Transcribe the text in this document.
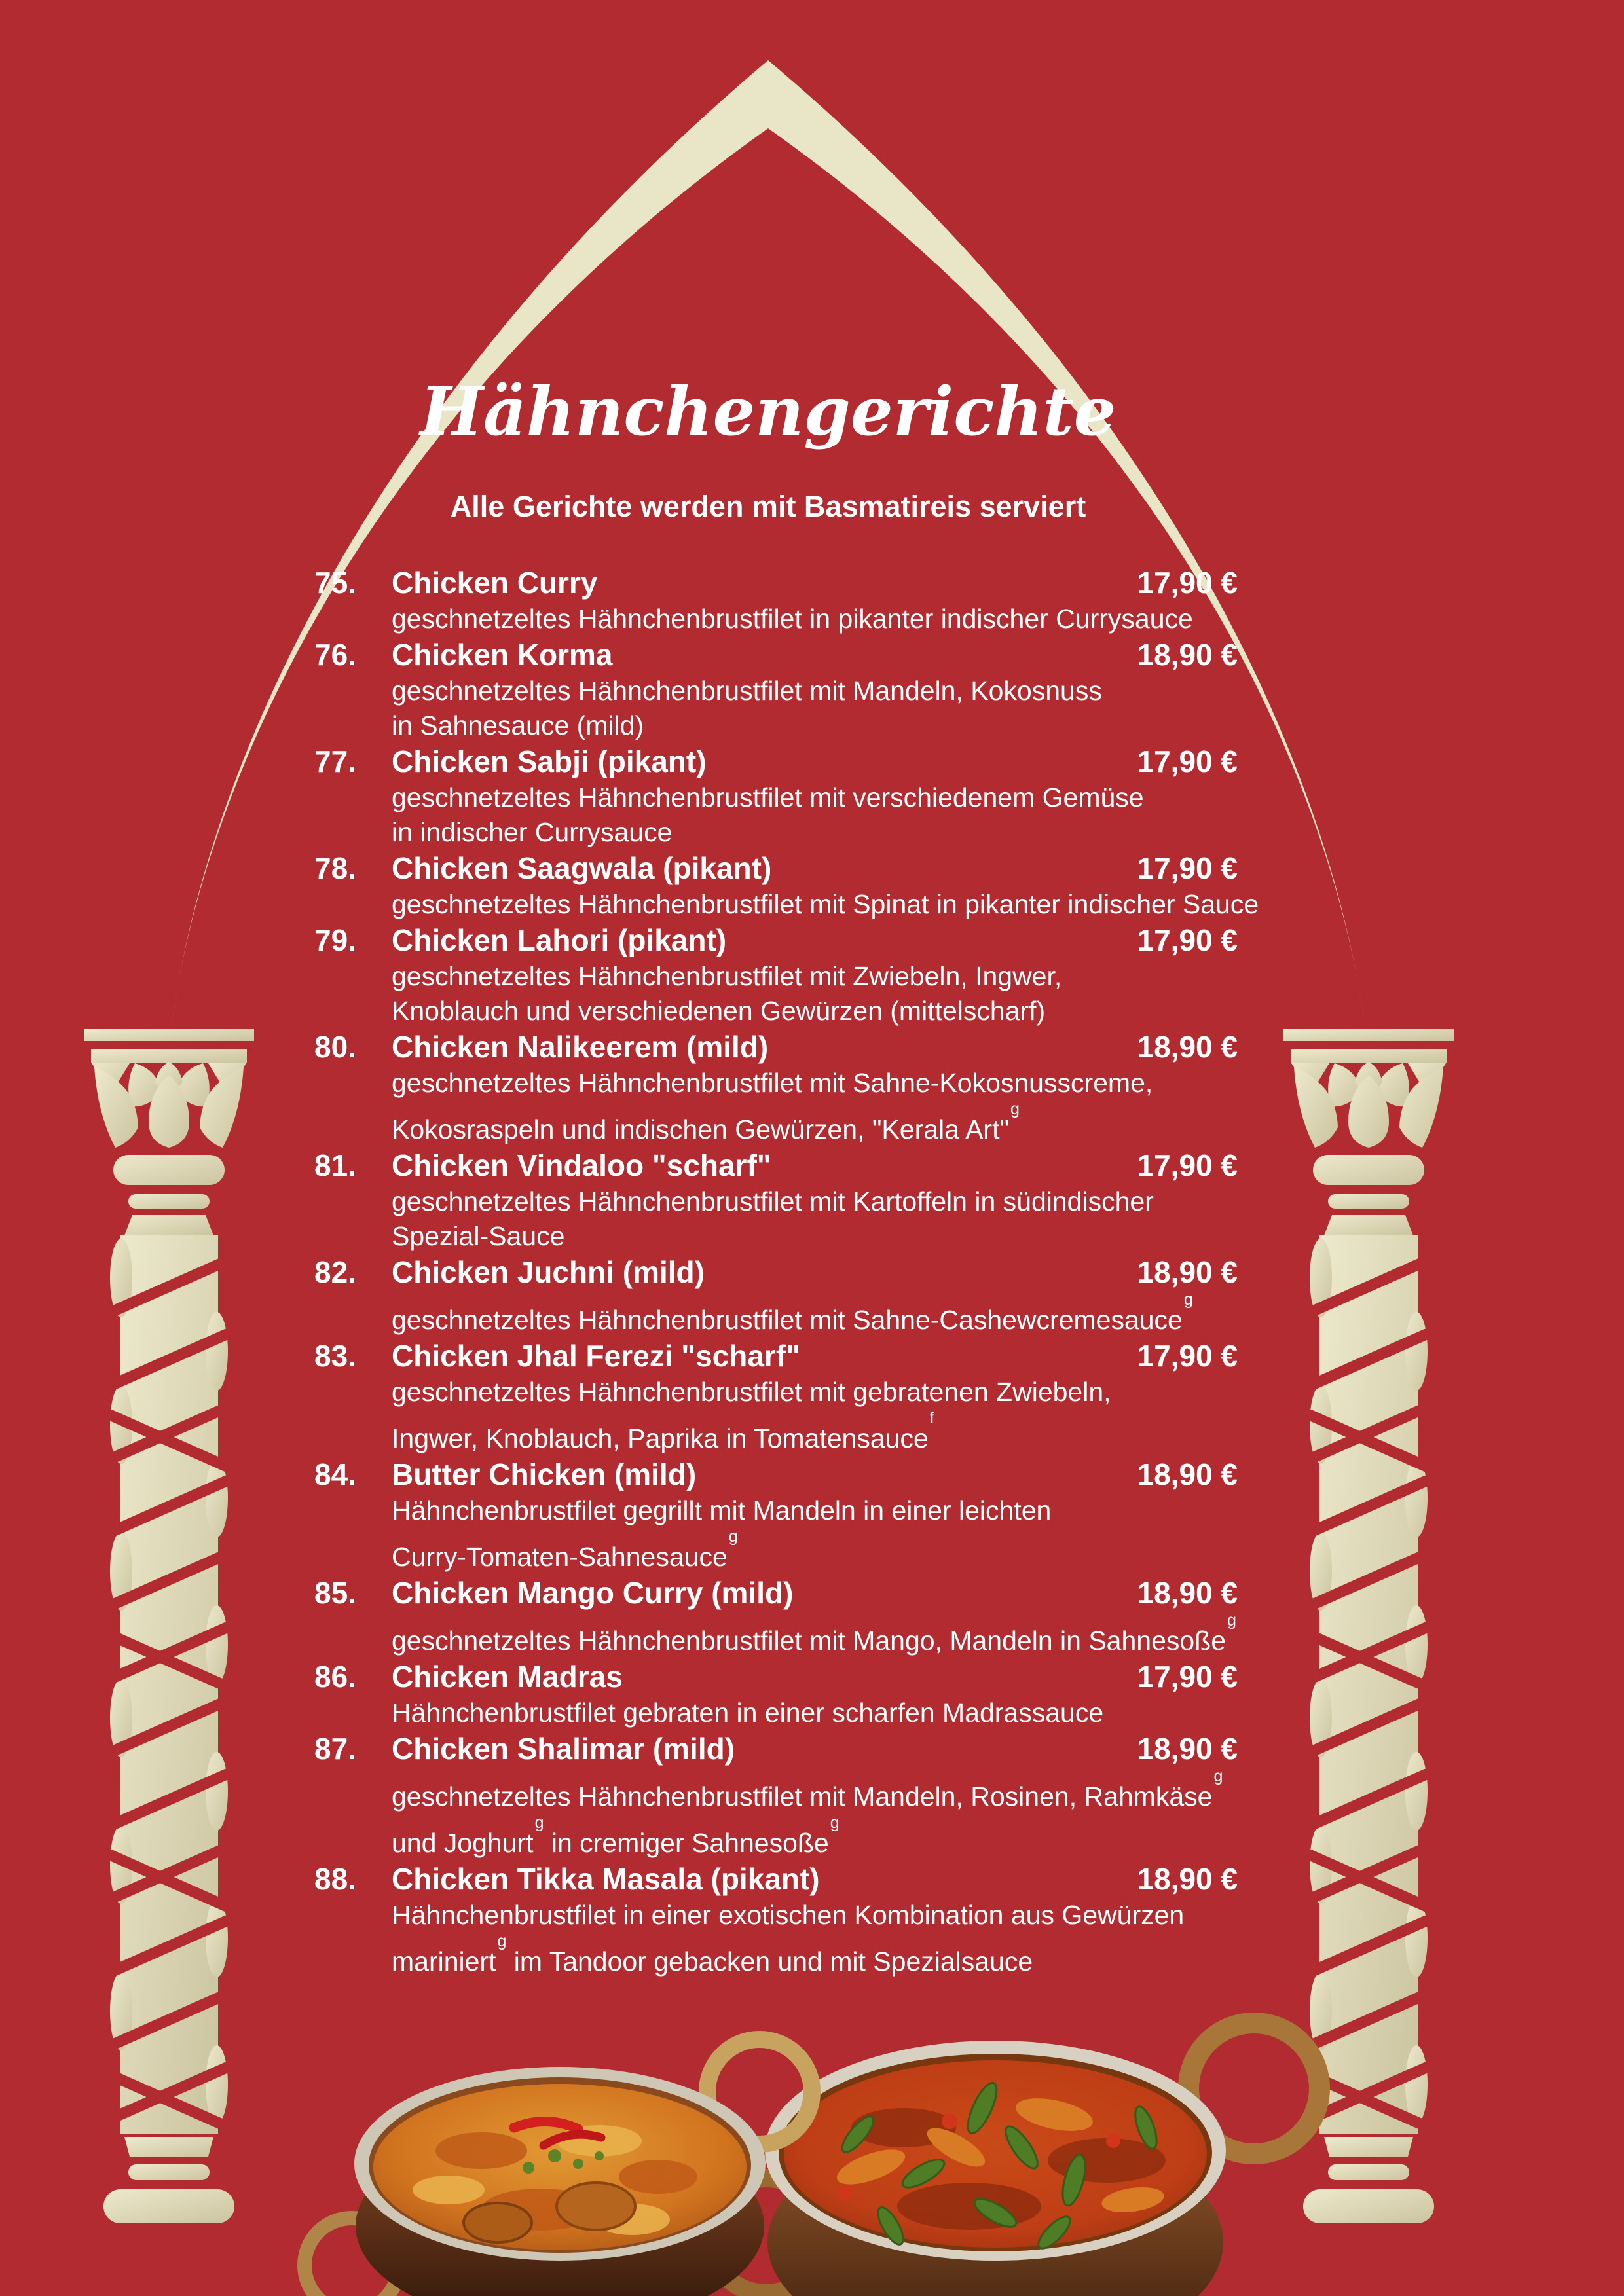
Hähnchengerichte
Alle Gerichte werden mit Basmatireis serviert
75.	Chicken Curry	17,90 €
geschnetzeltes Hähnchenbrustfilet in pikanter indischer Currysauce
76.	Chicken Korma	18,90 €
geschnetzeltes Hähnchenbrustfilet mit Mandeln, Kokosnuss
in Sahnesauce (mild)
77.	Chicken Sabji (pikant)	17,90 €
geschnetzeltes Hähnchenbrustfilet mit verschiedenem Gemüse
in indischer Currysauce
78.	Chicken Saagwala (pikant)	17,90 €
geschnetzeltes Hähnchenbrustfilet mit Spinat in pikanter indischer Sauce
79.	Chicken Lahori (pikant)	17,90 €
geschnetzeltes Hähnchenbrustfilet mit Zwiebeln, Ingwer,
Knoblauch und verschiedenen Gewürzen (mittelscharf)
80.	Chicken Nalikeerem (mild)	18,90 €
geschnetzeltes Hähnchenbrustfilet mit Sahne-Kokosnusscreme,
Kokosraspeln und indischen Gewürzen, "Kerala Art"$^g$
81.	Chicken Vindaloo "scharf"	17,90 €
geschnetzeltes Hähnchenbrustfilet mit Kartoffeln in südindischer
Spezial-Sauce
82.	Chicken Juchni (mild)	18,90 €
geschnetzeltes Hähnchenbrustfilet mit Sahne-Cashewcremesauce$^g$
83.	Chicken Jhal Ferezi "scharf"	17,90 €
geschnetzeltes Hähnchenbrustfilet mit gebratenen Zwiebeln,
Ingwer, Knoblauch, Paprika in Tomatensauce$^f$
84.	Butter Chicken (mild)	18,90 €
Hähnchenbrustfilet gegrillt mit Mandeln in einer leichten
Curry-Tomaten-Sahnesauce$^g$
85.	Chicken Mango Curry (mild)	18,90 €
geschnetzeltes Hähnchenbrustfilet mit Mango, Mandeln in Sahnesoße$^g$
86.	Chicken Madras	17,90 €
Hähnchenbrustfilet gebraten in einer scharfen Madrassauce
87.	Chicken Shalimar (mild)	18,90 €
geschnetzeltes Hähnchenbrustfilet mit Mandeln, Rosinen, Rahmkäse$^g$
und Joghurt$^g$ in cremiger Sahnesoße$^g$
88.	Chicken Tikka Masala (pikant)	18,90 €
Hähnchenbrustfilet in einer exotischen Kombination aus Gewürzen
mariniert$^g$ im Tandoor gebacken und mit Spezialsauce
